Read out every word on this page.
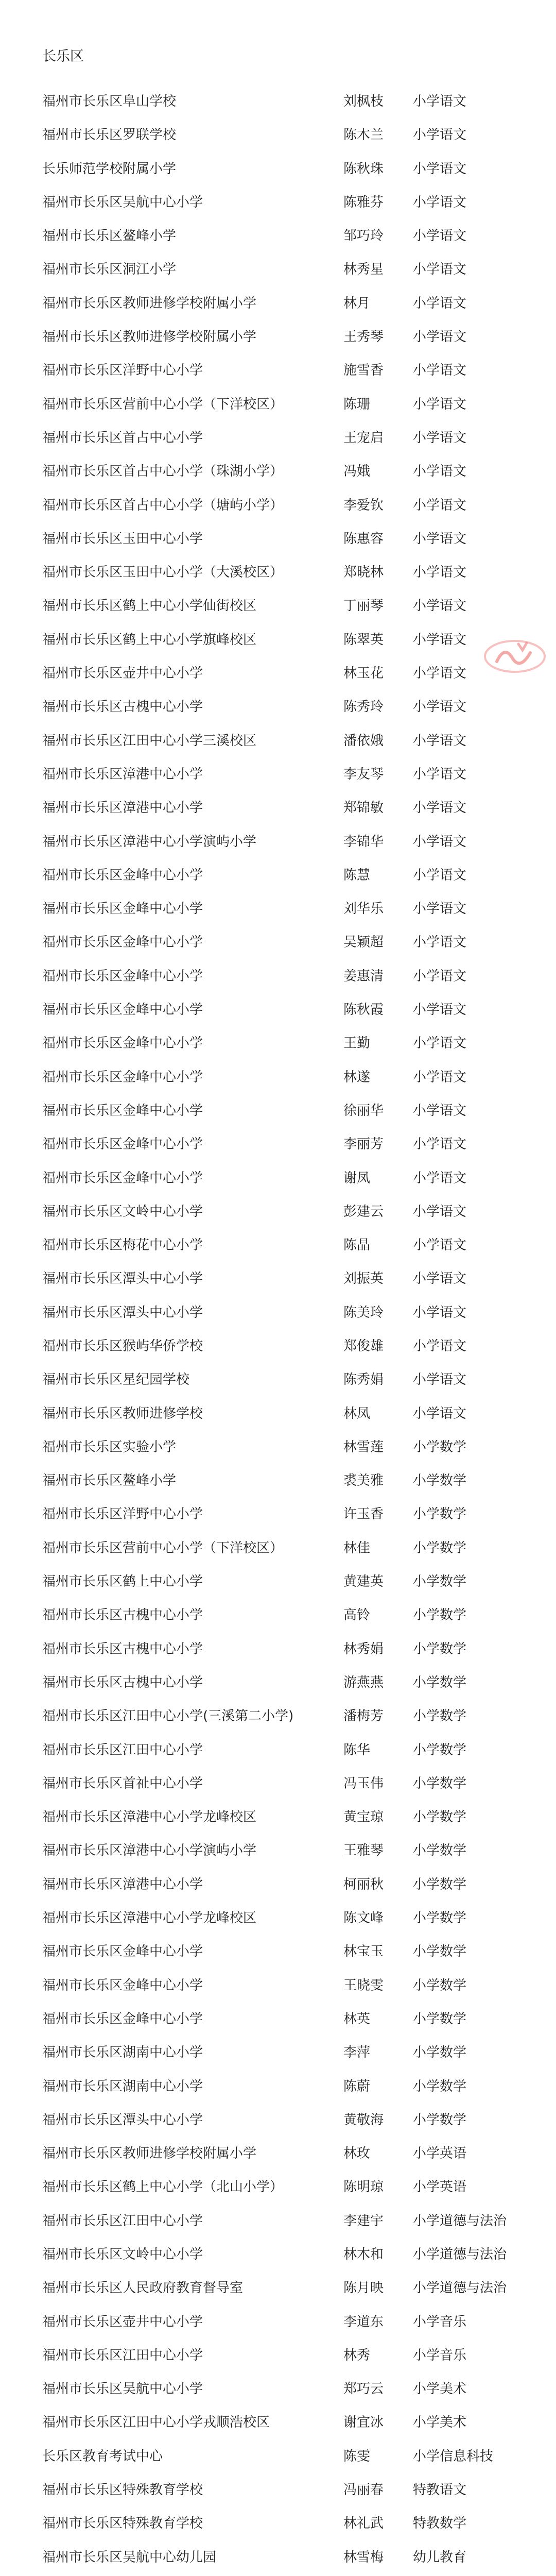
长乐区
福州市长乐区阜山学校	刘枫枝 小学语文
福州市长乐区罗联学校	陈木兰 小学语文
长乐师范学校附属小学	陈秋珠 小学语文
福州市长乐区吴航中心小学	陈雅芬 小学语文
福州市长乐区鳌峰小学	邹巧玲 小学语文
福州市长乐区洞江小学	林秀星 小学语文
福州市长乐区教师进修学校附属小学	林月	小学语文
福州市长乐区教师进修学校附属小学	王秀琴 小学语文
福州市长乐区洋野中心小学	施雪香 小学语文
福州市长乐区营前中心小学（下洋校区）	陈珊	小学语文
福州市长乐区首占中心小学	王宠启 小学语文
福州市长乐区首占中心小学（珠湖小学）	冯娥	小学语文
福州市长乐区首占中心小学（塘屿小学）	李爱钦 小学语文
福州市长乐区玉田中心小学	陈惠容 小学语文
福州市长乐区玉田中心小学（大溪校区）	郑晓林 小学语文
福州市长乐区鹤上中心小学仙街校区	丁丽琴 小学语文
福州市长乐区鹤上中心小学旗峰校区	陈翠英 小学语文
福州市长乐区壶井中心小学	林玉花 小学语文
福州市长乐区古槐中心小学	陈秀玲 小学语文
福州市长乐区江田中心小学三溪校区	潘依娥 小学语文
福州市长乐区漳港中心小学	李友琴 小学语文
福州市长乐区漳港中心小学	郑锦敏 小学语文
福州市长乐区漳港中心小学演屿小学	李锦华 小学语文
福州市长乐区金峰中心小学	陈慧	小学语文
福州市长乐区金峰中心小学	刘华乐 小学语文
福州市长乐区金峰中心小学	吴颖超 小学语文
福州市长乐区金峰中心小学	姜惠清 小学语文
福州市长乐区金峰中心小学	陈秋霞 小学语文
福州市长乐区金峰中心小学	王勤	小学语文
福州市长乐区金峰中心小学	林遂	小学语文
福州市长乐区金峰中心小学	徐丽华 小学语文
福州市长乐区金峰中心小学	李丽芳 小学语文
福州市长乐区金峰中心小学	谢凤	小学语文
福州市长乐区文岭中心小学	彭建云 小学语文
福州市长乐区梅花中心小学	陈晶	小学语文
福州市长乐区潭头中心小学	刘振英 小学语文
福州市长乐区潭头中心小学	陈美玲 小学语文
福州市长乐区猴屿华侨学校	郑俊雄 小学语文
福州市长乐区星纪园学校	陈秀娟 小学语文
福州市长乐区教师进修学校	林凤	小学语文
福州市长乐区实验小学	林雪莲 小学数学
福州市长乐区鳌峰小学	裘美雅 小学数学
福州市长乐区洋野中心小学	许玉香 小学数学
福州市长乐区营前中心小学（下洋校区）	林佳	小学数学
福州市长乐区鹤上中心小学	黄建英 小学数学
福州市长乐区古槐中心小学	高铃	小学数学
福州市长乐区古槐中心小学	林秀娟 小学数学
福州市长乐区古槐中心小学	游燕燕 小学数学
福州市长乐区江田中心小学(三溪第二小学)	潘梅芳 小学数学
福州市长乐区江田中心小学	陈华	小学数学
福州市长乐区首祉中心小学	冯玉伟 小学数学
福州市长乐区漳港中心小学龙峰校区	黄宝琼 小学数学
福州市长乐区漳港中心小学演屿小学	王雅琴 小学数学
福州市长乐区漳港中心小学	柯丽秋 小学数学
福州市长乐区漳港中心小学龙峰校区	陈文峰 小学数学
福州市长乐区金峰中心小学	林宝玉 小学数学
福州市长乐区金峰中心小学	王晓雯 小学数学
福州市长乐区金峰中心小学	林英	小学数学
福州市长乐区湖南中心小学	李萍	小学数学
福州市长乐区湖南中心小学	陈蔚	小学数学
福州市长乐区潭头中心小学	黄敬海 小学数学
福州市长乐区教师进修学校附属小学	林玫	小学英语
福州市长乐区鹤上中心小学（北山小学）	陈明琼 小学英语
福州市长乐区江田中心小学	李建宇 小学道德与法治
福州市长乐区文岭中心小学	林木和 小学道德与法治
福州市长乐区人民政府教育督导室	陈月映 小学道德与法治
福州市长乐区壶井中心小学	李道东 小学音乐
福州市长乐区江田中心小学	林秀	小学音乐
福州市长乐区吴航中心小学	郑巧云 小学美术
福州市长乐区江田中心小学戎顺浩校区	谢宜冰 小学美术
长乐区教育考试中心	陈雯	小学信息科技
福州市长乐区特殊教育学校	冯丽春 特教语文
福州市长乐区特殊教育学校	林礼武 特教数学
福州市长乐区吴航中心幼儿园	林雪梅 幼儿教育
